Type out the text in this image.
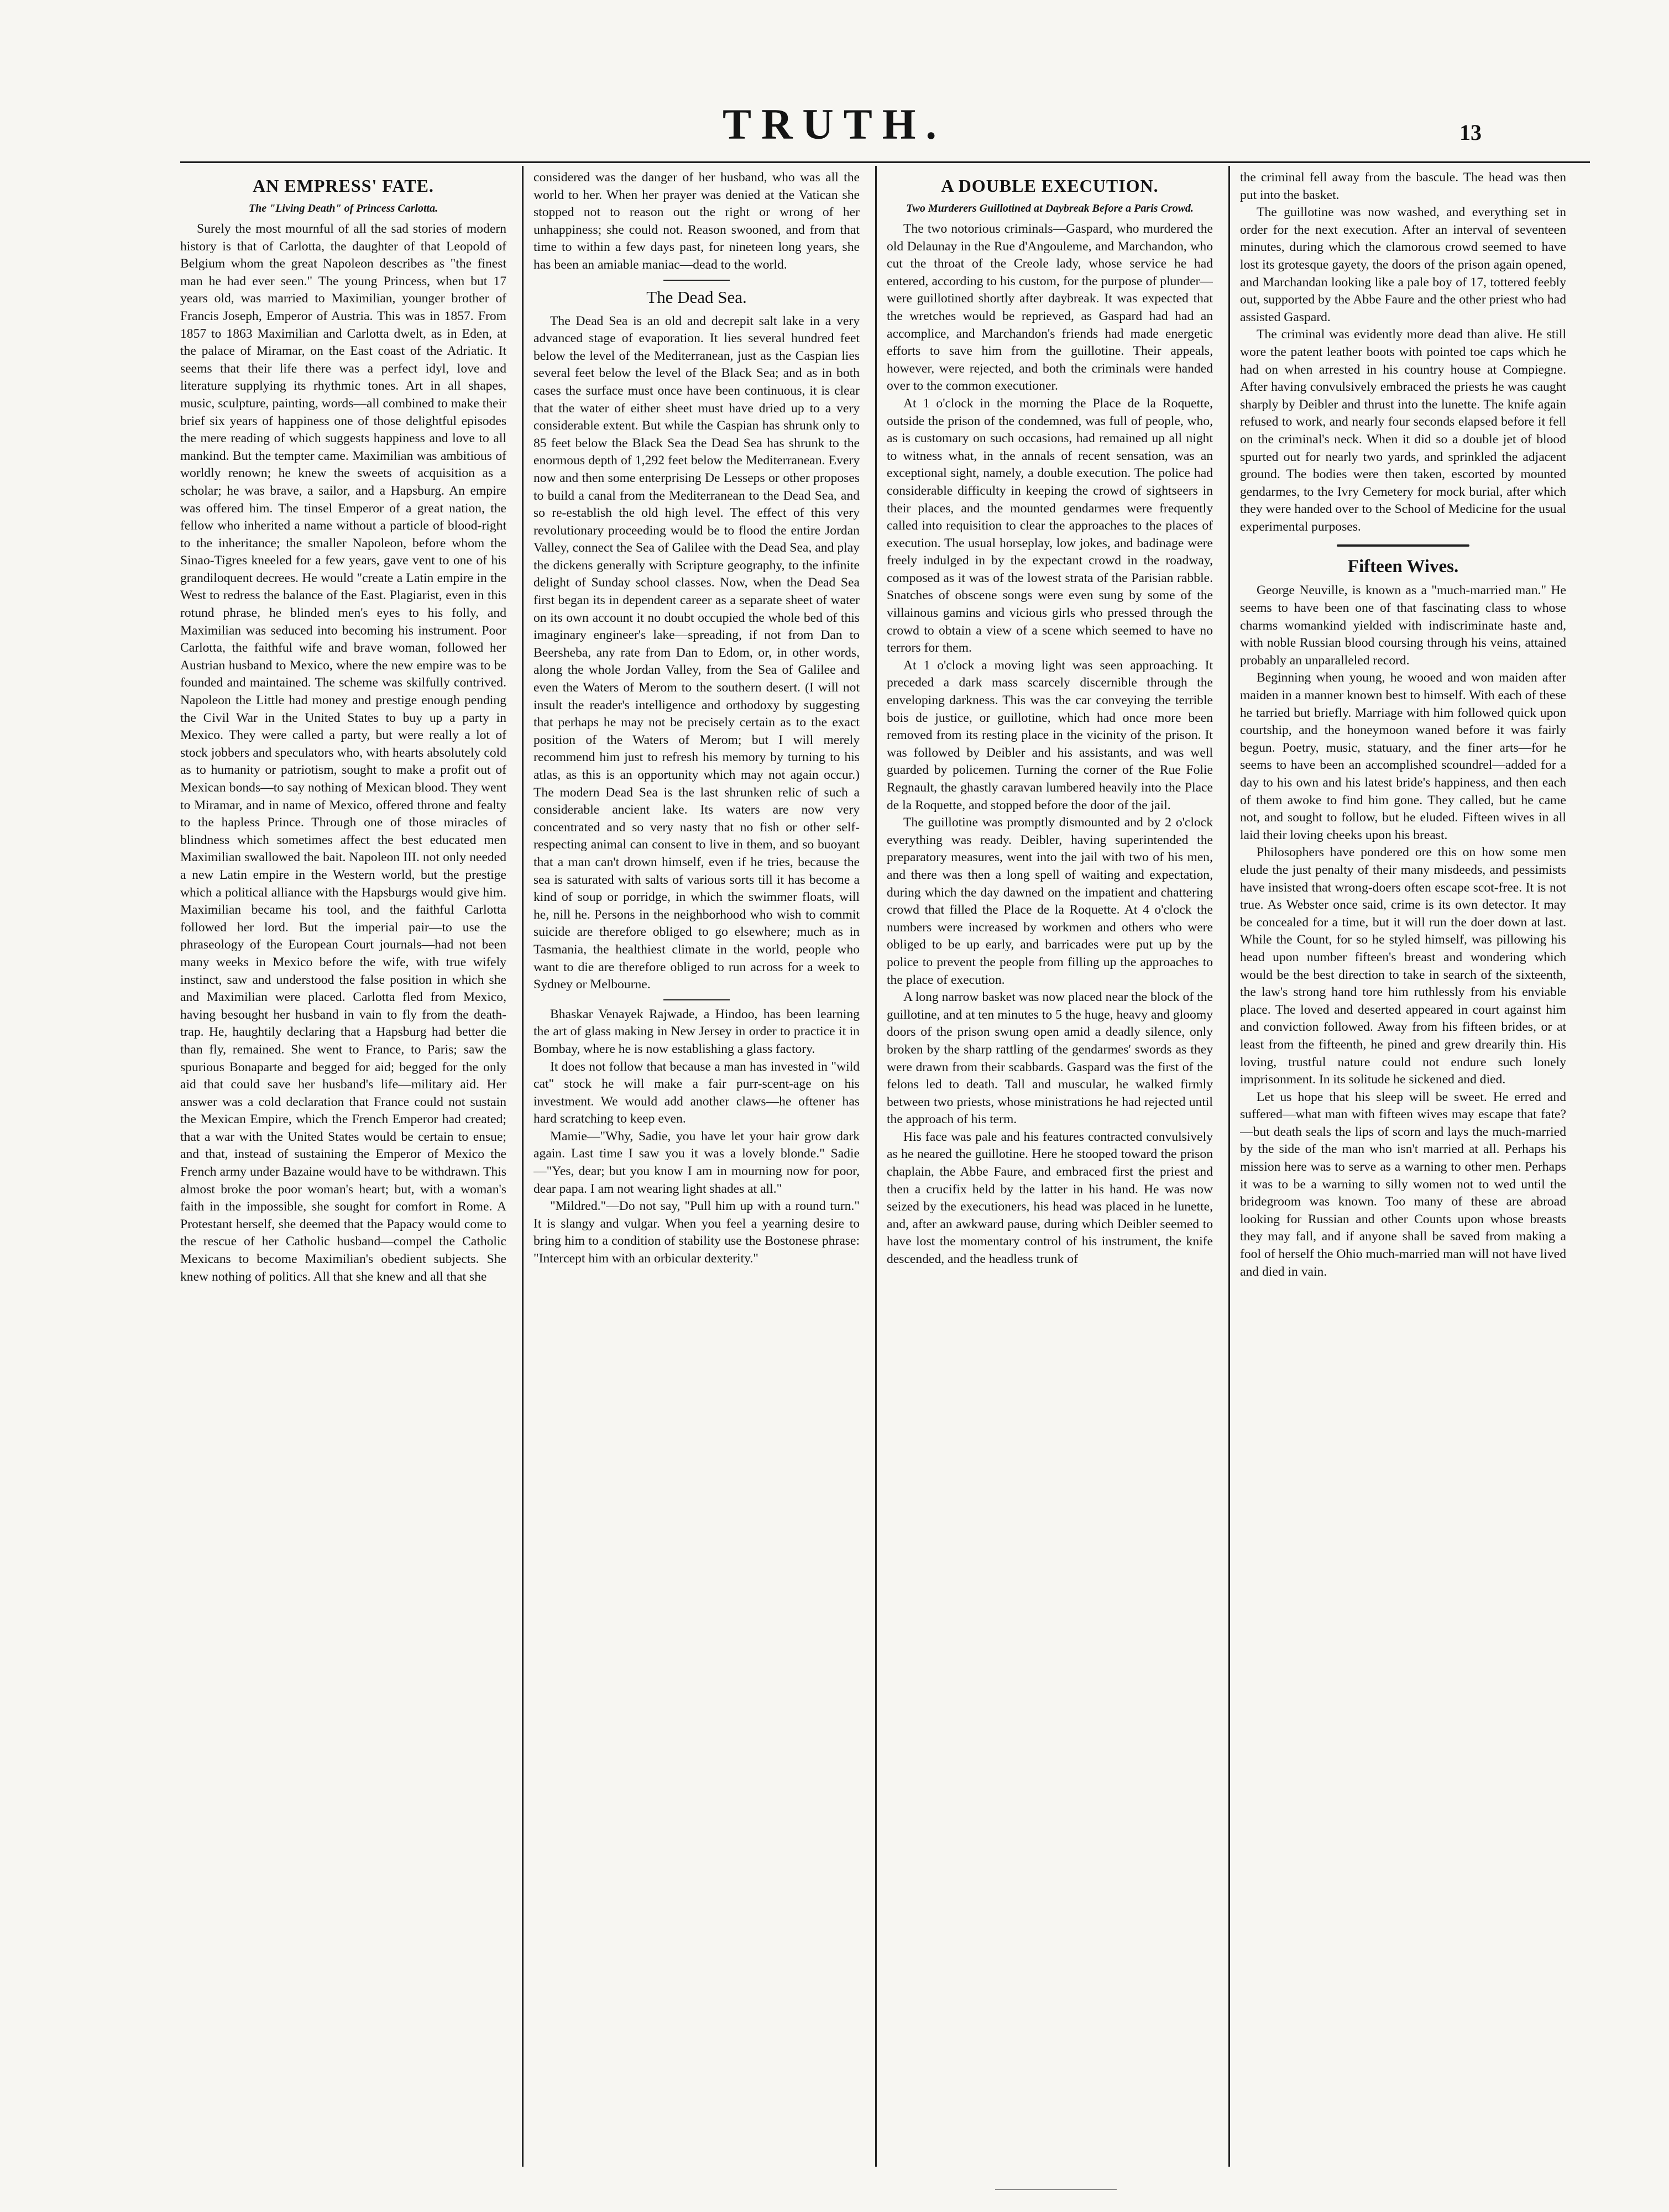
TRUTH.	13
AN EMPRESS' FATE.
The "Living Death" of Princess Carlotta.

Surely the most mournful of all the sad stories of modern history is that of Carlotta, the daughter of that Leopold of Belgium whom the great Napoleon describes as "the finest man he had ever seen." The young Princess, when but 17 years old, was married to Maximilian, younger brother of Francis Joseph, Emperor of Austria. This was in 1857. From 1857 to 1863 Maximilian and Carlotta dwelt, as in Eden, at the palace of Miramar, on the East coast of the Adriatic. It seems that their life there was a perfect idyl, love and literature supplying its rhythmic tones. Art in all shapes, music, sculpture, painting, words—all combined to make their brief six years of happiness one of those delightful episodes the mere reading of which suggests happiness and love to all mankind. But the tempter came. Maximilian was ambitious of worldly renown; he knew the sweets of acquisition as a scholar; he was brave, a sailor, and a Hapsburg. An empire was offered him. The tinsel Emperor of a great nation, the fellow who inherited a name without a particle of blood-right to the inheritance; the smaller Napoleon, before whom the Sinao-Tigres kneeled for a few years, gave vent to one of his grandiloquent decrees. He would "create a Latin empire in the West to redress the balance of the East. Plagiarist, even in this rotund phrase, he blinded men's eyes to his folly, and Maximilian was seduced into becoming his instrument. Poor Carlotta, the faithful wife and brave woman, followed her Austrian husband to Mexico, where the new empire was to be founded and maintained. The scheme was skilfully contrived. Napoleon the Little had money and prestige enough pending the Civil War in the United States to buy up a party in Mexico. They were called a party, but were really a lot of stock jobbers and speculators who, with hearts absolutely cold as to humanity or patriotism, sought to make a profit out of Mexican bonds—to say nothing of Mexican blood. They went to Miramar, and in name of Mexico, offered throne and fealty to the hapless Prince. Through one of those miracles of blindness which sometimes affect the best educated men Maximilian swallowed the bait. Napoleon III. not only needed a new Latin empire in the Western world, but the prestige which a political alliance with the Hapsburgs would give him. Maximilian became his tool, and the faithful Carlotta followed her lord. But the imperial pair—to use the phraseology of the European Court journals—had not been many weeks in Mexico before the wife, with true wifely instinct, saw and understood the false position in which she and Maximilian were placed. Carlotta fled from Mexico, having besought her husband in vain to fly from the death-trap. He, haughtily declaring that a Hapsburg had better die than fly, remained. She went to France, to Paris; saw the spurious Bonaparte and begged for aid; begged for the only aid that could save her husband's life—military aid. Her answer was a cold declaration that France could not sustain the Mexican Empire, which the French Emperor had created; that a war with the United States would be certain to ensue; and that, instead of sustaining the Emperor of Mexico the French army under Bazaine would have to be withdrawn. This almost broke the poor woman's heart; but, with a woman's faith in the impossible, she sought for comfort in Rome. A Protestant herself, she deemed that the Papacy would come to the rescue of her Catholic husband—compel the Catholic Mexicans to become Maximilian's obedient subjects. She knew nothing of politics. All that she knew and all that she

considered was the danger of her husband, who was all the world to her. When her prayer was denied at the Vatican she stopped not to reason out the right or wrong of her unhappiness; she could not. Reason swooned, and from that time to within a few days past, for nineteen long years, she has been an amiable maniac—dead to the world.

The Dead Sea.

The Dead Sea is an old and decrepit salt lake in a very advanced stage of evaporation. It lies several hundred feet below the level of the Mediterranean, just as the Caspian lies several feet below the level of the Black Sea; and as in both cases the surface must once have been continuous, it is clear that the water of either sheet must have dried up to a very considerable extent. But while the Caspian has shrunk only to 85 feet below the Black Sea the Dead Sea has shrunk to the enormous depth of 1,292 feet below the Mediterranean. Every now and then some enterprising De Lesseps or other proposes to build a canal from the Mediterranean to the Dead Sea, and so re-establish the old high level. The effect of this very revolutionary proceeding would be to flood the entire Jordan Valley, connect the Sea of Galilee with the Dead Sea, and play the dickens generally with Scripture geography, to the infinite delight of Sunday school classes. Now, when the Dead Sea first began its in dependent career as a separate sheet of water on its own account it no doubt occupied the whole bed of this imaginary engineer's lake—spreading, if not from Dan to Beersheba, any rate from Dan to Edom, or, in other words, along the whole Jordan Valley, from the Sea of Galilee and even the Waters of Merom to the southern desert. (I will not insult the reader's intelligence and orthodoxy by suggesting that perhaps he may not be precisely certain as to the exact position of the Waters of Merom; but I will merely recommend him just to refresh his memory by turning to his atlas, as this is an opportunity which may not again occur.) The modern Dead Sea is the last shrunken relic of such a considerable ancient lake. Its waters are now very concentrated and so very nasty that no fish or other self-respecting animal can consent to live in them, and so buoyant that a man can't drown himself, even if he tries, because the sea is saturated with salts of various sorts till it has become a kind of soup or porridge, in which the swimmer floats, will he, nill he. Persons in the neighborhood who wish to commit suicide are therefore obliged to go elsewhere; much as in Tasmania, the healthiest climate in the world, people who want to die are therefore obliged to run across for a week to Sydney or Melbourne.

Bhaskar Venayek Rajwade, a Hindoo, has been learning the art of glass making in New Jersey in order to practice it in Bombay, where he is now establishing a glass factory.

It does not follow that because a man has invested in "wild cat" stock he will make a fair purr-scent-age on his investment. We would add another claws—he oftener has hard scratching to keep even.

Mamie—"Why, Sadie, you have let your hair grow dark again. Last time I saw you it was a lovely blonde." Sadie—"Yes, dear; but you know I am in mourning now for poor, dear papa. I am not wearing light shades at all."

"Mildred."—Do not say, "Pull him up with a round turn." It is slangy and vulgar. When you feel a yearning desire to bring him to a condition of stability use the Bostonese phrase: "Intercept him with an orbicular dexterity."

A DOUBLE EXECUTION.
Two Murderers Guillotined at Daybreak Before a Paris Crowd.

The two notorious criminals—Gaspard, who murdered the old Delaunay in the Rue d'Angouleme, and Marchandon, who cut the throat of the Creole lady, whose service he had entered, according to his custom, for the purpose of plunder—were guillotined shortly after daybreak. It was expected that the wretches would be reprieved, as Gaspard had had an accomplice, and Marchandon's friends had made energetic efforts to save him from the guillotine. Their appeals, however, were rejected, and both the criminals were handed over to the common executioner.

At 1 o'clock in the morning the Place de la Roquette, outside the prison of the condemned, was full of people, who, as is customary on such occasions, had remained up all night to witness what, in the annals of recent sensation, was an exceptional sight, namely, a double execution. The police had considerable difficulty in keeping the crowd of sightseers in their places, and the mounted gendarmes were frequently called into requisition to clear the approaches to the places of execution. The usual horseplay, low jokes, and badinage were freely indulged in by the expectant crowd in the roadway, composed as it was of the lowest strata of the Parisian rabble. Snatches of obscene songs were even sung by some of the villainous gamins and vicious girls who pressed through the crowd to obtain a view of a scene which seemed to have no terrors for them.

At 1 o'clock a moving light was seen approaching. It preceded a dark mass scarcely discernible through the enveloping darkness. This was the car conveying the terrible bois de justice, or guillotine, which had once more been removed from its resting place in the vicinity of the prison. It was followed by Deibler and his assistants, and was well guarded by policemen. Turning the corner of the Rue Folie Regnault, the ghastly caravan lumbered heavily into the Place de la Roquette, and stopped before the door of the jail.

The guillotine was promptly dismounted and by 2 o'clock everything was ready. Deibler, having superintended the preparatory measures, went into the jail with two of his men, and there was then a long spell of waiting and expectation, during which the day dawned on the impatient and chattering crowd that filled the Place de la Roquette. At 4 o'clock the numbers were increased by workmen and others who were obliged to be up early, and barricades were put up by the police to prevent the people from filling up the approaches to the place of execution.

A long narrow basket was now placed near the block of the guillotine, and at ten minutes to 5 the huge, heavy and gloomy doors of the prison swung open amid a deadly silence, only broken by the sharp rattling of the gendarmes' swords as they were drawn from their scabbards. Gaspard was the first of the felons led to death. Tall and muscular, he walked firmly between two priests, whose ministrations he had rejected until the approach of his term.

His face was pale and his features contracted convulsively as he neared the guillotine. Here he stooped toward the prison chaplain, the Abbe Faure, and embraced first the priest and then a crucifix held by the latter in his hand. He was now seized by the executioners, his head was placed in he lunette, and, after an awkward pause, during which Deibler seemed to have lost the momentary control of his instrument, the knife descended, and the headless trunk of

the criminal fell away from the bascule. The head was then put into the basket.

The guillotine was now washed, and everything set in order for the next execution. After an interval of seventeen minutes, during which the clamorous crowd seemed to have lost its grotesque gayety, the doors of the prison again opened, and Marchandan looking like a pale boy of 17, tottered feebly out, supported by the Abbe Faure and the other priest who had assisted Gaspard.

The criminal was evidently more dead than alive. He still wore the patent leather boots with pointed toe caps which he had on when arrested in his country house at Compiegne. After having convulsively embraced the priests he was caught sharply by Deibler and thrust into the lunette. The knife again refused to work, and nearly four seconds elapsed before it fell on the criminal's neck. When it did so a double jet of blood spurted out for nearly two yards, and sprinkled the adjacent ground. The bodies were then taken, escorted by mounted gendarmes, to the Ivry Cemetery for mock burial, after which they were handed over to the School of Medicine for the usual experimental purposes.

Fifteen Wives.

George Neuville, is known as a "much-married man." He seems to have been one of that fascinating class to whose charms womankind yielded with indiscriminate haste and, with noble Russian blood coursing through his veins, attained probably an unparalleled record.

Beginning when young, he wooed and won maiden after maiden in a manner known best to himself. With each of these he tarried but briefly. Marriage with him followed quick upon courtship, and the honeymoon waned before it was fairly begun. Poetry, music, statuary, and the finer arts—for he seems to have been an accomplished scoundrel—added for a day to his own and his latest bride's happiness, and then each of them awoke to find him gone. They called, but he came not, and sought to follow, but he eluded. Fifteen wives in all laid their loving cheeks upon his breast.

Philosophers have pondered ore this on how some men elude the just penalty of their many misdeeds, and pessimists have insisted that wrong-doers often escape scot-free. It is not true. As Webster once said, crime is its own detector. It may be concealed for a time, but it will run the doer down at last. While the Count, for so he styled himself, was pillowing his head upon number fifteen's breast and wondering which would be the best direction to take in search of the sixteenth, the law's strong hand tore him ruthlessly from his enviable place. The loved and deserted appeared in court against him and conviction followed. Away from his fifteen brides, or at least from the fifteenth, he pined and grew drearily thin. His loving, trustful nature could not endure such lonely imprisonment. In its solitude he sickened and died.

Let us hope that his sleep will be sweet. He erred and suffered—what man with fifteen wives may escape that fate?—but death seals the lips of scorn and lays the much-married by the side of the man who isn't married at all. Perhaps his mission here was to serve as a warning to other men. Perhaps it was to be a warning to silly women not to wed until the bridegroom was known. Too many of these are abroad looking for Russian and other Counts upon whose breasts they may fall, and if anyone shall be saved from making a fool of herself the Ohio much-married man will not have lived and died in vain.
